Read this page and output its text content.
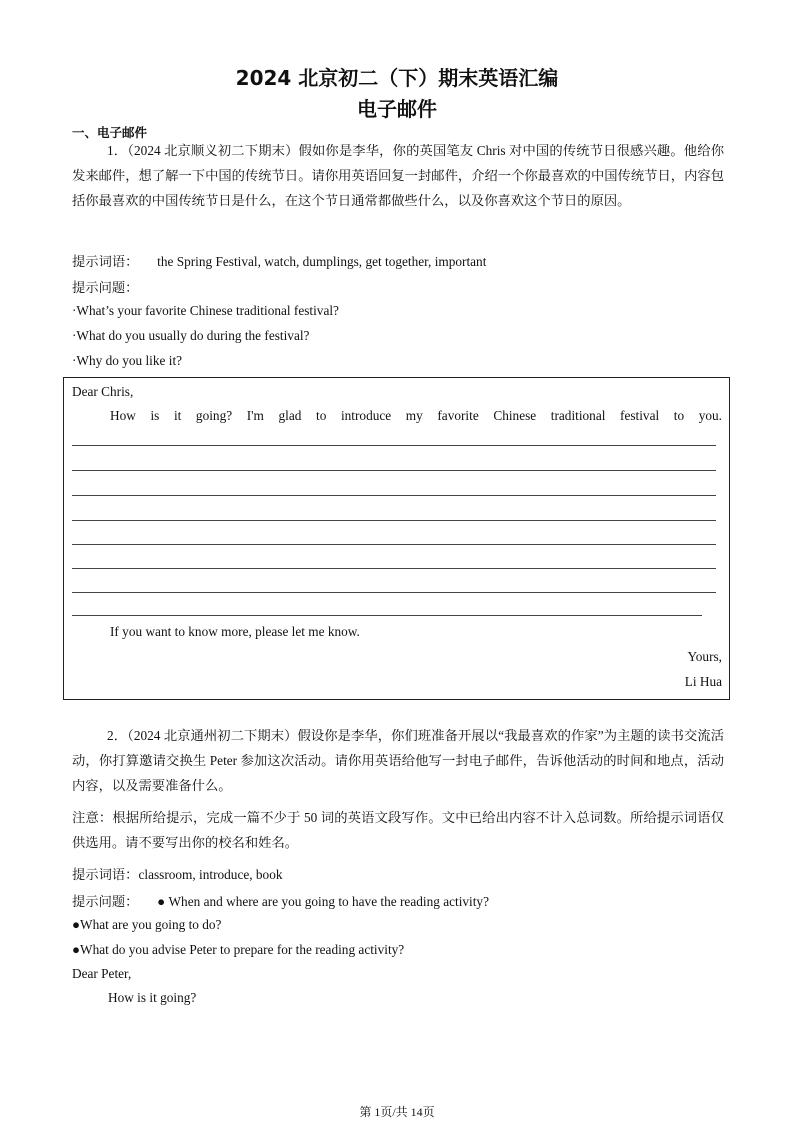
2024 北京初二（下）期末英语汇编
电子邮件
一、电子邮件
1．（2024 北京顺义初二下期末）假如你是李华，你的英国笔友 Chris 对中国的传统节日很感兴趣。他给你发来邮件，想了解一下中国的传统节日。请你用英语回复一封邮件，介绍一个你最喜欢的中国传统节日，内容包括你最喜欢的中国传统节日是什么，在这个节日通常都做些什么，以及你喜欢这个节日的原因。
提示词语： the Spring Festival, watch, dumplings, get together, important
提示问题：
·What’s your favorite Chinese traditional festival?
·What do you usually do during the festival?
·Why do you like it?
Dear Chris,
How is it going? I'm glad to introduce my favorite Chinese traditional festival to you.
If you want to know more, please let me know.
Yours,
Li Hua
2．（2024 北京通州初二下期末）假设你是李华，你们班准备开展以“我最喜欢的作家”为主题的读书交流活动，你打算邀请交换生 Peter 参加这次活动。请你用英语给他写一封电子邮件，告诉他活动的时间和地点，活动内容，以及需要准备什么。
注意：根据所给提示，完成一篇不少于 50 词的英语文段写作。文中已给出内容不计入总词数。所给提示词语仅供选用。请不要写出你的校名和姓名。
提示词语：classroom, introduce, book
提示问题： ● When and where are you going to have the reading activity?
●What are you going to do?
●What do you advise Peter to prepare for the reading activity?
Dear Peter,
How is it going?
第 1页/共 14页
